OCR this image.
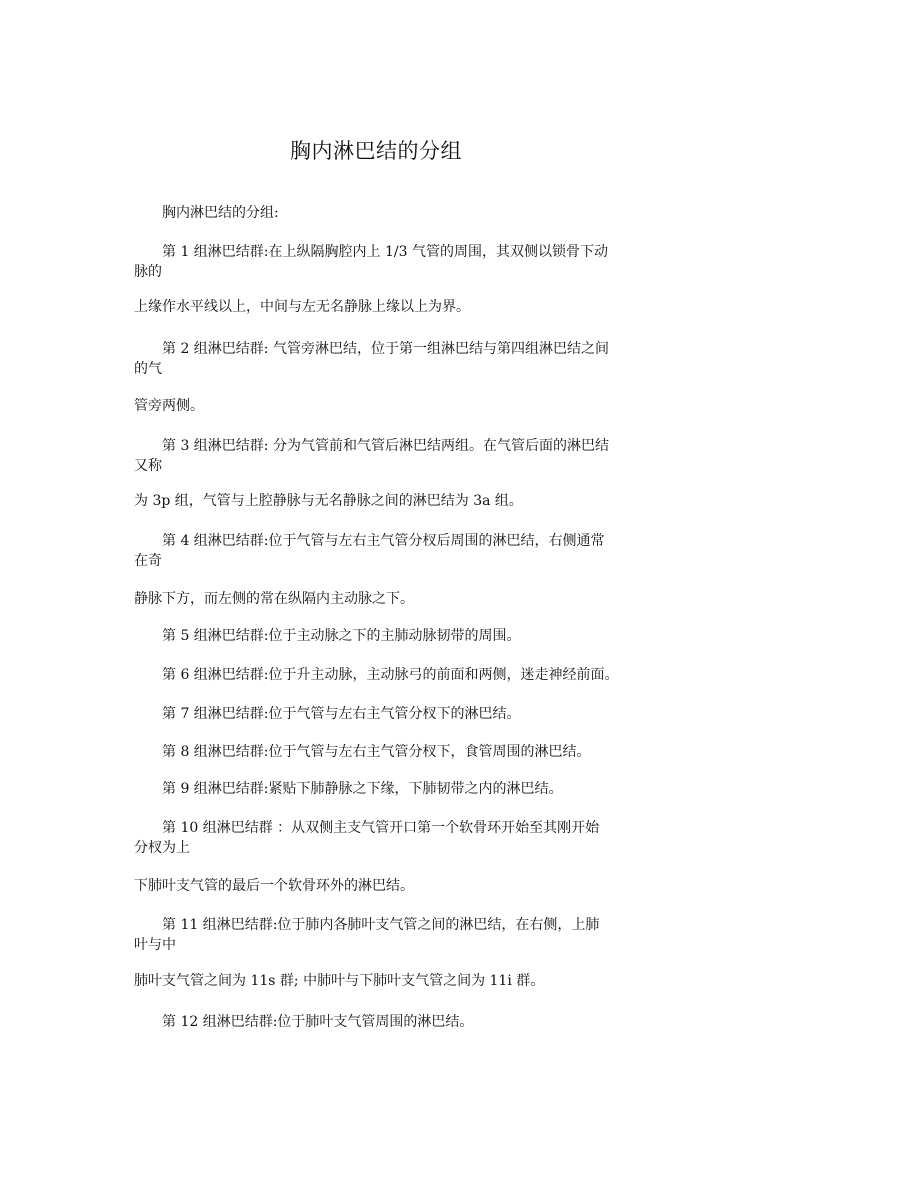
胸内淋巴结的分组
胸内淋巴结的分组:
第 1 组淋巴结群:在上纵隔胸腔内上 1/3 气管的周围，其双侧以锁骨下动
脉的
上缘作水平线以上，中间与左无名静脉上缘以上为界。
第 2 组淋巴结群: 气管旁淋巴结，位于第一组淋巴结与第四组淋巴结之间
的气
管旁两侧。
第 3 组淋巴结群: 分为气管前和气管后淋巴结两组。在气管后面的淋巴结
又称
为 3p 组，气管与上腔静脉与无名静脉之间的淋巴结为 3a 组。
第 4 组淋巴结群:位于气管与左右主气管分杈后周围的淋巴结，右侧通常
在奇
静脉下方，而左侧的常在纵隔内主动脉之下。
第 5 组淋巴结群:位于主动脉之下的主肺动脉韧带的周围。
第 6 组淋巴结群:位于升主动脉，主动脉弓的前面和两侧，迷走神经前面。
第 7 组淋巴结群:位于气管与左右主气管分杈下的淋巴结。
第 8 组淋巴结群:位于气管与左右主气管分杈下，食管周围的淋巴结。
第 9 组淋巴结群:紧贴下肺静脉之下缘，下肺韧带之内的淋巴结。
第 10 组淋巴结群 ：从双侧主支气管开口第一个软骨环开始至其刚开始
分杈为上
下肺叶支气管的最后一个软骨环外的淋巴结。
第 11 组淋巴结群:位于肺内各肺叶支气管之间的淋巴结，在右侧，上肺
叶与中
肺叶支气管之间为 11s 群; 中肺叶与下肺叶支气管之间为 11i 群。
第 12 组淋巴结群:位于肺叶支气管周围的淋巴结。
